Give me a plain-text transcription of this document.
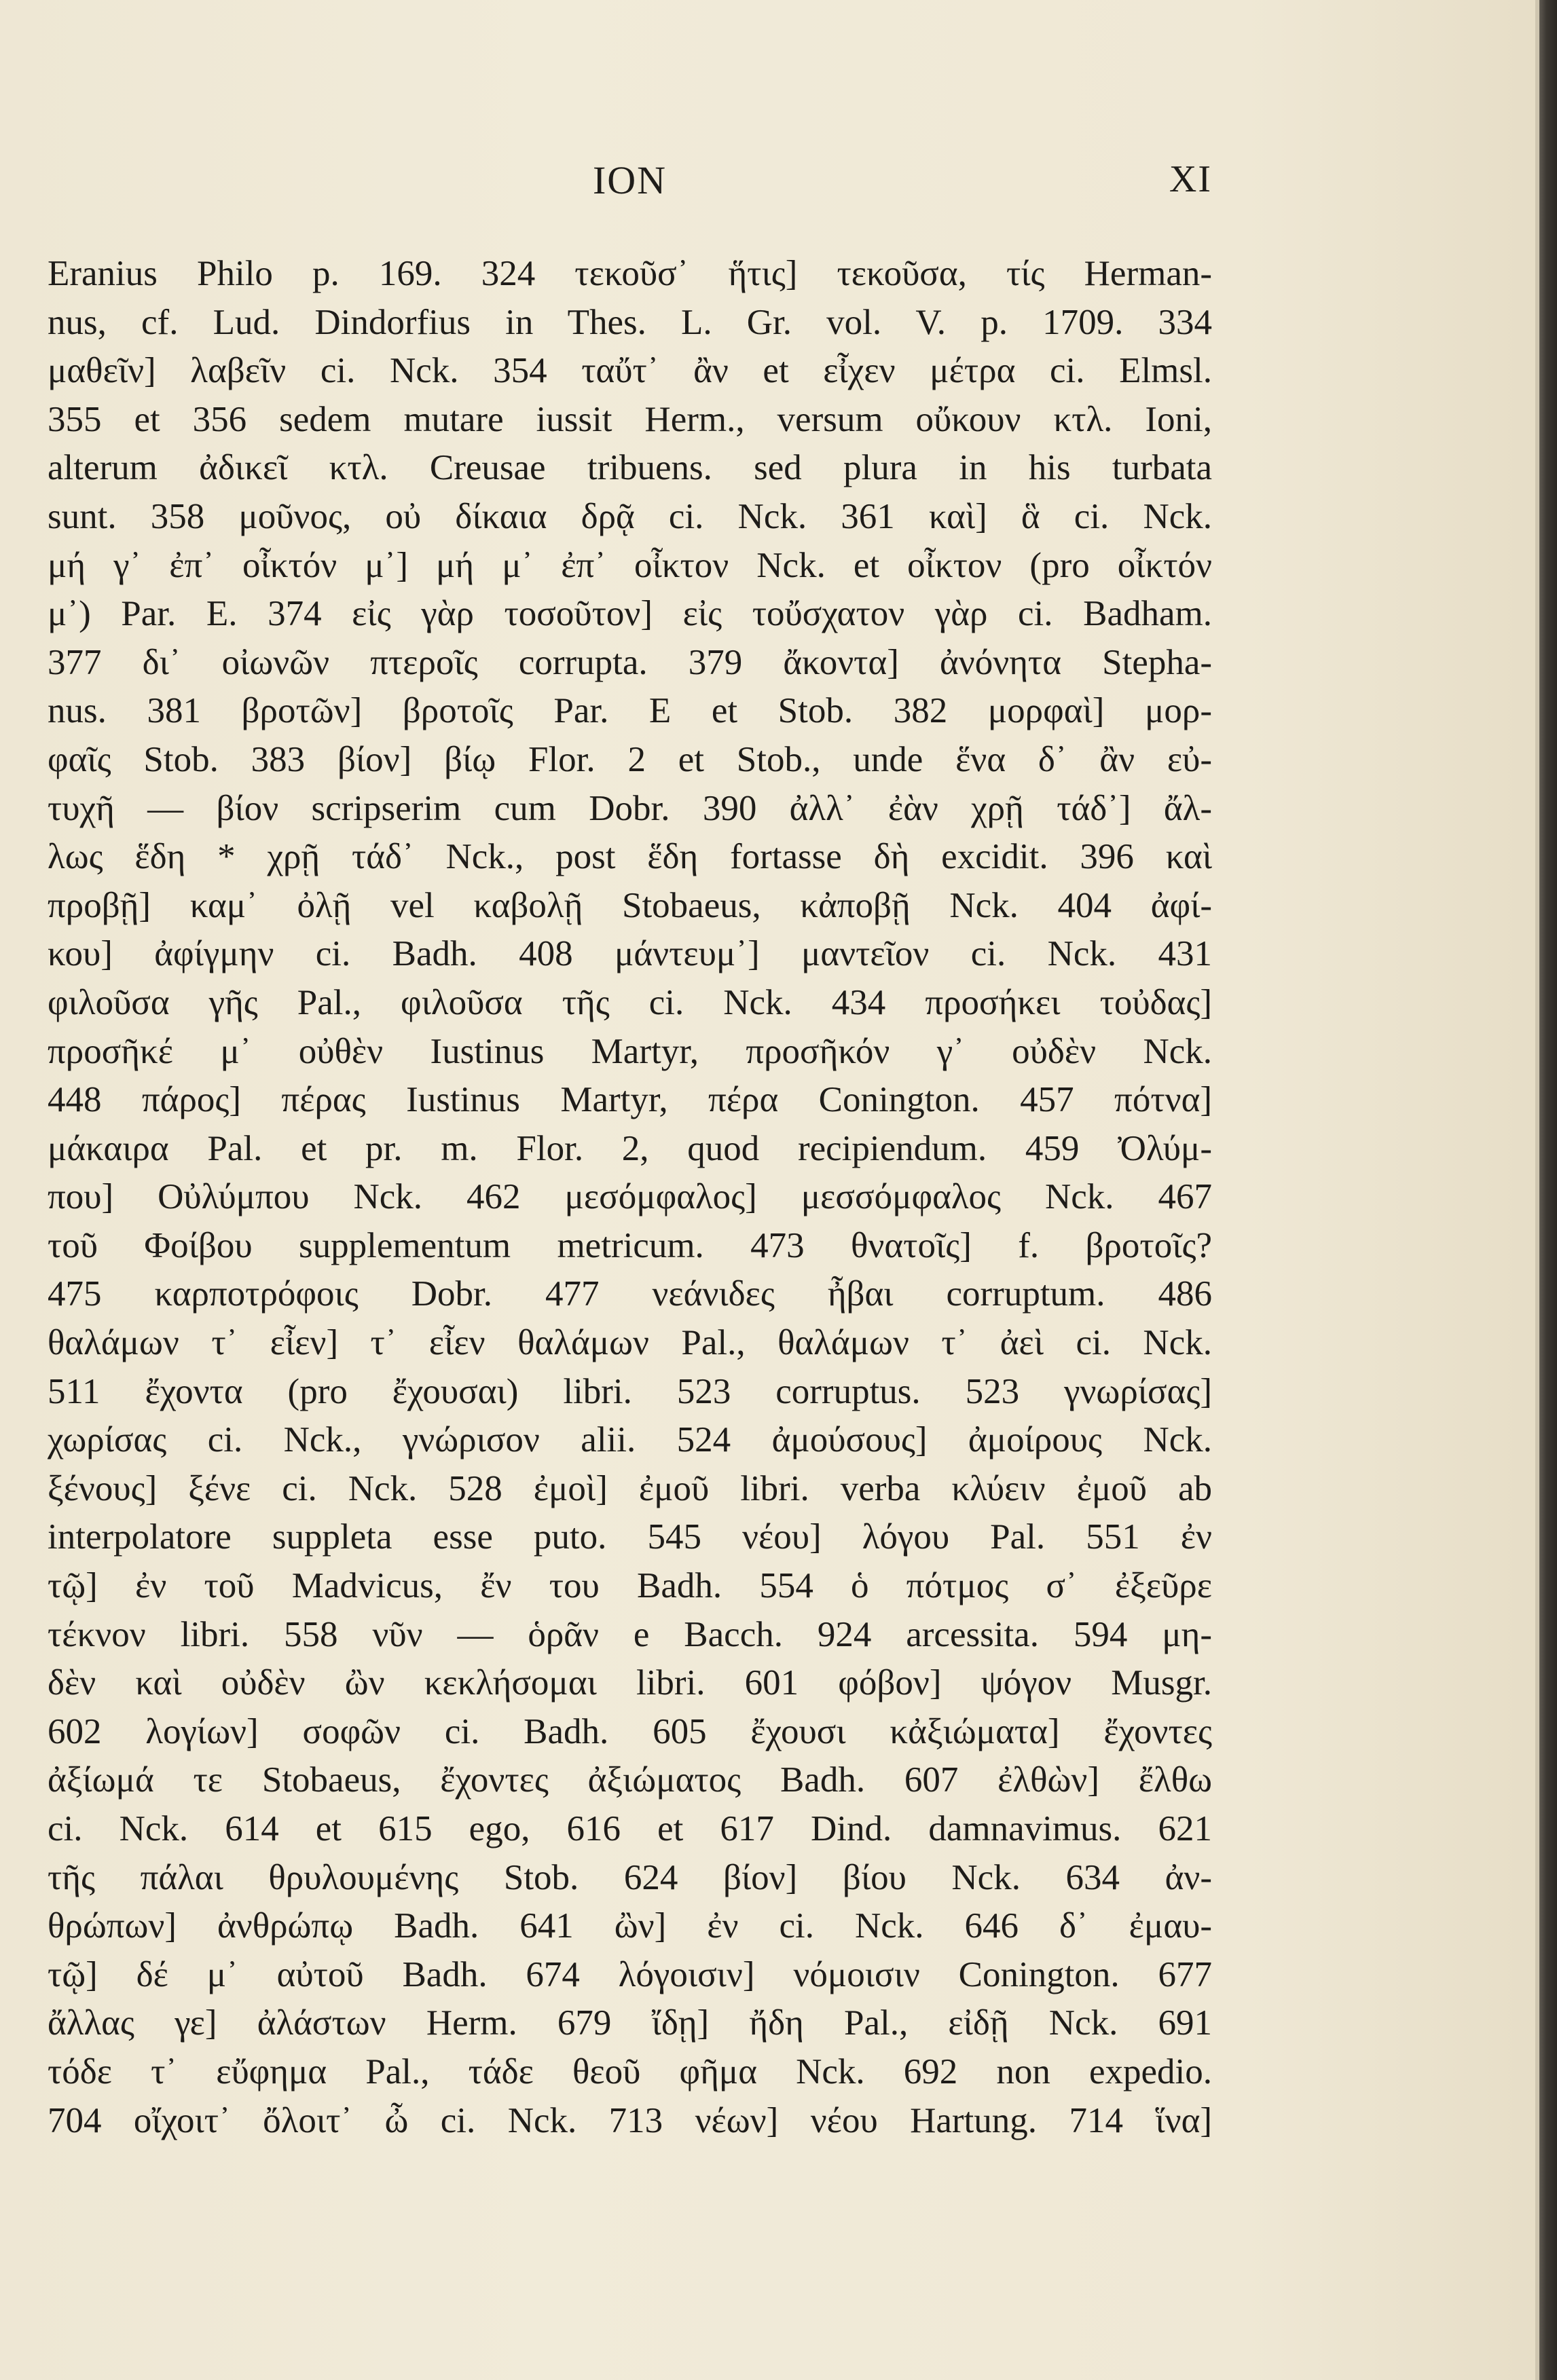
ION	XI
Eranius Philo p. 169. 324 τεκοῦσ᾽ ἥτις] τεκοῦσα, τίς Herman-
nus, cf. Lud. Dindorfius in Thes. L. Gr. vol. V. p. 1709. 334
μαθεῖν] λαβεῖν ci. Nck. 354 ταὔτ᾽ ἂν et εἶχεν μέτρα ci. Elmsl.
355 et 356 sedem mutare iussit Herm., versum οὔκουν κτλ. Ioni,
alterum ἀδικεῖ κτλ. Creusae tribuens. sed plura in his turbata
sunt. 358 μοῦνος, οὐ δίκαια δρᾷ ci. Nck. 361 καὶ] ἃ ci. Nck.
μή γ᾽ ἐπ᾽ οἶκτόν μ᾽] μή μ᾽ ἐπ᾽ οἶκτον Nck. et οἶκτον (pro οἶκτόν
μ᾽) Par. E. 374 εἰς γὰρ τοσοῦτον] εἰς τοὔσχατον γὰρ ci. Badham.
377 δι᾽ οἰωνῶν πτεροῖς corrupta. 379 ἄκοντα] ἀνόνητα Stepha-
nus. 381 βροτῶν] βροτοῖς Par. E et Stob. 382 μορφαὶ] μορ-
φαῖς Stob. 383 βίον] βίῳ Flor. 2 et Stob., unde ἕνα δ᾽ ἂν εὐ-
τυχῆ — βίον scripserim cum Dobr. 390 ἀλλ᾽ ἐὰν χρῇ τάδ᾽] ἄλ-
λως ἕδη * χρῇ τάδ᾽ Nck., post ἕδη fortasse δὴ excidit. 396 καὶ
προβῇ] καμ᾽ ὀλῇ vel καβολῇ Stobaeus, κἀποβῇ Nck. 404 ἀφί-
κου] ἀφίγμην ci. Badh. 408 μάντευμ᾽] μαντεῖον ci. Nck. 431
φιλοῦσα γῆς Pal., φιλοῦσα τῆς ci. Nck. 434 προσήκει τοὐδας]
προσῆκέ μ᾽ οὐθὲν Iustinus Martyr, προσῆκόν γ᾽ οὐδὲν Nck.
448 πάρος] πέρας Iustinus Martyr, πέρα Conington. 457 πότνα]
μάκαιρα Pal. et pr. m. Flor. 2, quod recipiendum. 459 Ὀλύμ-
που] Οὐλύμπου Nck. 462 μεσόμφαλος] μεσσόμφαλος Nck. 467
τοῦ Φοίβου supplementum metricum. 473 θνατοῖς] f. βροτοῖς?
475 καρποτρόφοις Dobr. 477 νεάνιδες ἦβαι corruptum. 486
θαλάμων τ᾽ εἶεν] τ᾽ εἶεν θαλάμων Pal., θαλάμων τ᾽ ἀεὶ ci. Nck.
511 ἔχοντα (pro ἔχουσαι) libri. 523 corruptus. 523 γνωρίσας]
χωρίσας ci. Nck., γνώρισον alii. 524 ἀμούσους] ἀμοίρους Nck.
ξένους] ξένε ci. Nck. 528 ἐμοὶ] ἐμοῦ libri. verba κλύειν ἐμοῦ ab
interpolatore suppleta esse puto. 545 νέου] λόγου Pal. 551 ἐν
τῷ] ἐν τοῦ Madvicus, ἔν του Badh. 554 ὁ πότμος σ᾽ ἐξεῦρε
τέκνον libri. 558 νῦν — ὁρᾶν e Bacch. 924 arcessita. 594 μη-
δὲν καὶ οὐδὲν ὢν κεκλήσομαι libri. 601 φόβον] ψόγον Musgr.
602 λογίων] σοφῶν ci. Badh. 605 ἔχουσι κἀξιώματα] ἔχοντες
ἀξίωμά τε Stobaeus, ἔχοντες ἀξιώματος Badh. 607 ἐλθὼν] ἔλθω
ci. Nck. 614 et 615 ego, 616 et 617 Dind. damnavimus. 621
τῆς πάλαι θρυλουμένης Stob. 624 βίον] βίου Nck. 634 ἀν-
θρώπων] ἀνθρώπῳ Badh. 641 ὢν] ἐν ci. Nck. 646 δ᾽ ἐμαυ-
τῷ] δέ μ᾽ αὐτοῦ Badh. 674 λόγοισιν] νόμοισιν Conington. 677
ἄλλας γε] ἀλάστων Herm. 679 ἴδῃ] ἤδη Pal., εἰδῇ Nck. 691
τόδε τ᾽ εὔφημα Pal., τάδε θεοῦ φῆμα Nck. 692 non expedio.
704 οἴχοιτ᾽ ὄλοιτ᾽ ὦ ci. Nck. 713 νέων] νέου Hartung. 714 ἵνα]
